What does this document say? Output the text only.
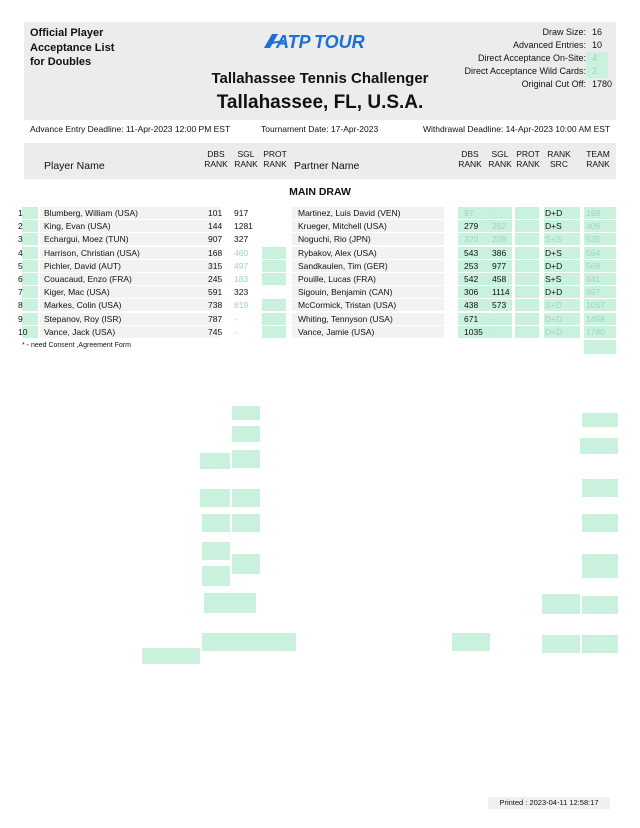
Official Player
Acceptance List
for Doubles
ATP TOUR
Tallahassee Tennis Challenger
Tallahassee, FL, U.S.A.
Draw Size: 16
Advanced Entries: 10
Direct Acceptance On-Site: 4
Direct Acceptance Wild Cards: 2
Original Cut Off: 1780
Advance Entry Deadline: 11-Apr-2023 12:00 PM EST	Tournament Date: 17-Apr-2023	Withdrawal Deadline: 14-Apr-2023 10:00 AM EST
Player Name
DBS
RANK
SGL
RANK
PROT
RANK Partner Name
DBS
RANK
SGL
RANK
PROT
RANK
RANK
SRC
TEAM
RANK
MAIN DRAW
1	Blumberg, William (USA)	101 917	Martinez, Luis David (VEN)	97 -	D+D	198
2	King, Evan (USA)	144 1281	Krueger, Mitchell (USA)	279 262	D+S	406
3	Echargui, Moez (TUN)	907 327	Noguchi, Rio (JPN)	320 208	S+S	535
4	Harrison, Christian (USA)	168 460	Rybakov, Alex (USA)	543 386	D+S	554
5	Pichler, David (AUT)	315 497	Sandkaulen, Tim (GER)	253 977	D+D	568
6	Couacaud, Enzo (FRA)	245 183	Pouille, Lucas (FRA)	542 458	S+S	641
7	Kiger, Mac (USA)	591 323	Sigouin, Benjamin (CAN)	306 1114	D+D	897
8	Markes, Colin (USA)	738 819	McCormick, Tristan (USA)	438 573	S+D	1057
9	Stepanov, Roy (ISR)	787 -	Whiting, Tennyson (USA)	671 -	D+D	1458
10 Vance, Jack (USA)	745 -	Vance, Jamie (USA)	1035 -	D+D	1780
* - need Consent ,Agreement Form
Printed : 2023-04-11 12:58:17
